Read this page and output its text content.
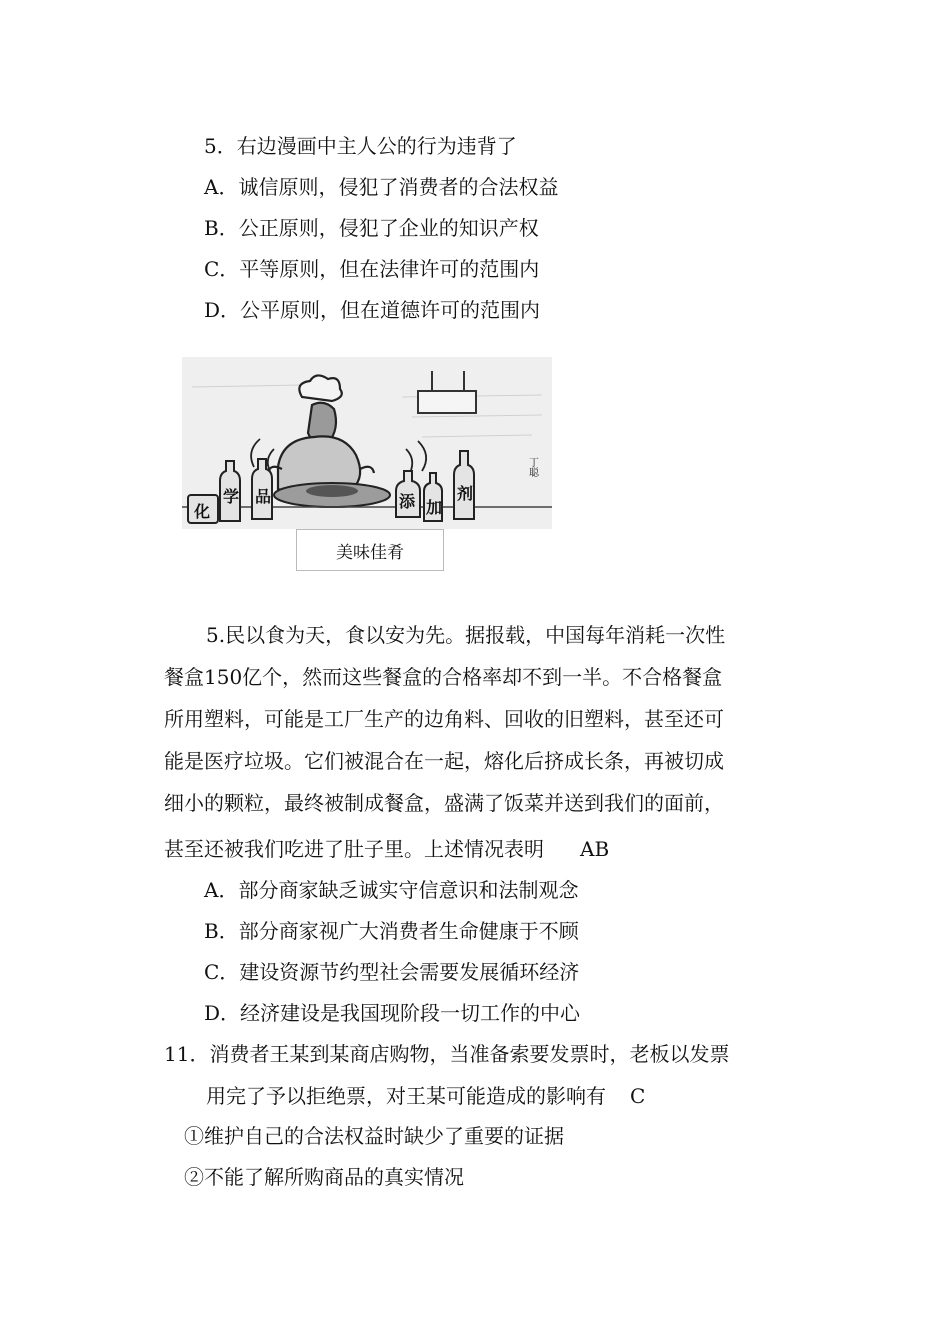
5．右边漫画中主人公的行为违背了
A．诚信原则，侵犯了消费者的合法权益
B．公正原则，侵犯了企业的知识产权
C．平等原则，但在法律许可的范围内
D．公平原则，但在道德许可的范围内
化
学 品	添 加
剂
丁聪
美味佳肴
5.民以食为天，食以安为先。据报载，中国每年消耗一次性
餐盒150亿个，然而这些餐盒的合格率却不到一半。不合格餐盒
所用塑料，可能是工厂生产的边角料、回收的旧塑料，甚至还可
能是医疗垃圾。它们被混合在一起，熔化后挤成长条，再被切成
细小的颗粒，最终被制成餐盒，盛满了饭菜并送到我们的面前，
甚至还被我们吃进了肚子里。上述情况表明 AB
A．部分商家缺乏诚实守信意识和法制观念
B．部分商家视广大消费者生命健康于不顾
C．建设资源节约型社会需要发展循环经济
D．经济建设是我国现阶段一切工作的中心
11．消费者王某到某商店购物，当准备索要发票时，老板以发票
用完了予以拒绝票，对王某可能造成的影响有 C
①维护自己的合法权益时缺少了重要的证据
②不能了解所购商品的真实情况
